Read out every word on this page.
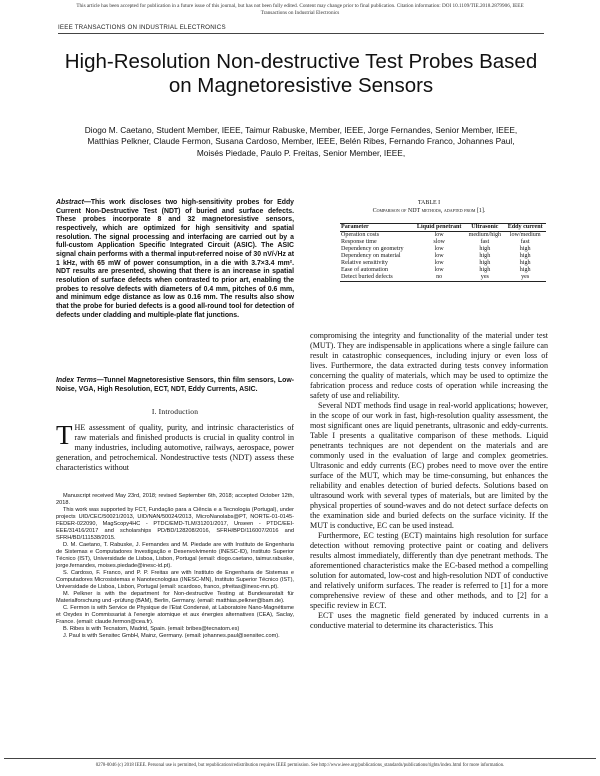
This article has been accepted for publication in a future issue of this journal, but has not been fully edited. Content may change prior to final publication. Citation information: DOI 10.1109/TIE.2018.2879906, IEEE
Transactions on Industrial Electronics
IEEE TRANSACTIONS ON INDUSTRIAL ELECTRONICS
High-Resolution Non-destructive Test Probes Based on Magnetoresistive Sensors
Diogo M. Caetano, Student Member, IEEE, Taimur Rabuske, Member, IEEE, Jorge Fernandes, Senior Member, IEEE, Matthias Pelkner, Claude Fermon, Susana Cardoso, Member, IEEE, Belén Ribes, Fernando Franco, Johannes Paul, Moisés Piedade, Paulo P. Freitas, Senior Member, IEEE,
Abstract—This work discloses two high-sensitivity probes for Eddy Current Non-Destructive Test (NDT) of buried and surface defects. These probes incorporate 8 and 32 magnetoresistive sensors, respectively, which are optimized for high sensitivity and spatial resolution. The signal processing and interfacing are carried out by a full-custom Application Specific Integrated Circuit (ASIC). The ASIC signal chain performs with a thermal input-referred noise of 30 nV/√Hz at 1 kHz, with 65 mW of power consumption, in a die with 3.7×3.4 mm². NDT results are presented, showing that there is an increase in spatial resolution of surface defects when contrasted to prior art, enabling the probes to resolve defects with diameters of 0.4 mm, pitches of 0.6 mm, and minimum edge distance as low as 0.16 mm. The results also show that the probe for buried defects is a good all-round tool for detection of defects under cladding and multiple-plate flat junctions.
Index Terms—Tunnel Magnetoresistive Sensors, thin film sensors, Low-Noise, VGA, High Resolution, ECT, NDT, Eddy Currents, ASIC.
I. Introduction
THE assessment of quality, purity, and intrinsic characteristics of raw materials and finished products is crucial in quality control in many industries, including automotive, railways, aerospace, power generation, and petrochemical. Nondestructive tests (NDT) assess these characteristics without

Manuscript received May 23rd, 2018; revised September 6th, 2018; accepted October 12th, 2018.

This work was supported by FCT, Fundação para a Ciência e a Tecnologia (Portugal), under projects UID/CEC/50021/2013, UID/NAN/50024/2013, MicroNanolabs@PT, NORTE-01-0145-FEDER-022090, MagScopy4HC - PTDC/EMD-TLM/31201/2017, Unseen - PTDC/EEI-EEE/31416/2017 and scholarships PD/BD/128208/2016, SFRH/BPD/116007/2016 and SFRH/BD/111538/2015.

D. M. Caetano, T. Rabuske, J. Fernandes and M. Piedade are with Instituto de Engenharia de Sistemas e Computadores Investigação e Desenvolvimento (INESC-ID), Instituto Superior Técnico (IST), Universidade de Lisboa, Lisbon, Portugal (email: diogo.caetano, taimur.rabuske, jorge.fernandes, moises.piedade@inesc-id.pt).

S. Cardoso, F. Franco, and P. P. Freitas are with Instituto de Engenharia de Sistemas e Computadores Microsistemas e Nanotecnologias (INESC-MN), Instituto Superior Técnico (IST), Universidade de Lisboa, Lisbon, Portugal (email: scardoso, franco, pfreitas@inesc-mn.pt).

M. Pelkner is with the department for Non-destructive Testing at Bundesanstalt für Materialforschung und -prüfung (BAM), Berlin, Germany. (email: matthias.pelkner@bam.de).

C. Fermon is with Service de Physique de l'Etat Condensé, at Laboratoire Nano-Magnétisme et Oxydes in Commissariat à l'energie atomique et aux énergies alternatives (CEA), Saclay, France. (email: claude.fermon@cea.fr).

B. Ribes is with Tecnatom, Madrid, Spain. (email: bribes@tecnatom.es)

J. Paul is with Sensitec GmbH, Mainz, Germany. (email: johannes.paul@sensitec.com).

TABLE I
Comparison of NDT methods, adapted from [1].
Parameter	Liquid penetrant	Ultrasonic	Eddy current
Operation costs	low	medium/high	low/medium
Response time	slow	fast	fast
Dependency on geometry	low	high	high
Dependency on material	low	high	high
Relative sensitivity	low	high	high
Ease of automation	low	high	high
Detect buried defects	no	yes	yes

compromising the integrity and functionality of the material under test (MUT). They are indispensable in applications where a single failure can result in catastrophic consequences, including injury or even loss of lives. Furthermore, the data extracted during tests convey information concerning the quality of materials, which may be used to optimize the fabrication process and reduce costs of operation while increasing the safety of use and reliability.

Several NDT methods find usage in real-world applications; however, in the scope of our work in fast, high-resolution quality assessment, the most significant ones are liquid penetrants, ultrasonic and eddy-currents. Table I presents a qualitative comparison of these methods. Liquid penetrants techniques are not dependent on the materials and are commonly used in the evaluation of large and complex geometries. Ultrasonic and eddy currents (EC) probes need to move over the entire surface of the MUT, which may be time-consuming, but enhances the reliability and enables detection of buried defects. Solutions based on ultrasound work with several types of materials, but are limited by the physical properties of sound-waves and do not detect surface defects on the examination side and buried defects on the surface vicinity. If the MUT is conductive, EC can be used instead.

Furthermore, EC testing (ECT) maintains high resolution for surface detection without removing protective paint or coating and delivers results almost immediately, differently than dye penetrant methods. The aforementioned characteristics make the EC-based method a compelling solution for automated, low-cost and high-resolution NDT of conductive and relatively uniform surfaces. The reader is referred to [1] for a more comprehensive review of these and other methods, and to [2] for a specific review in ECT.

ECT uses the magnetic field generated by induced currents in a conductive material to determine its characteristics. This

0278-0046 (c) 2018 IEEE. Personal use is permitted, but republication/redistribution requires IEEE permission. See http://www.ieee.org/publications_standards/publications/rights/index.html for more information.
